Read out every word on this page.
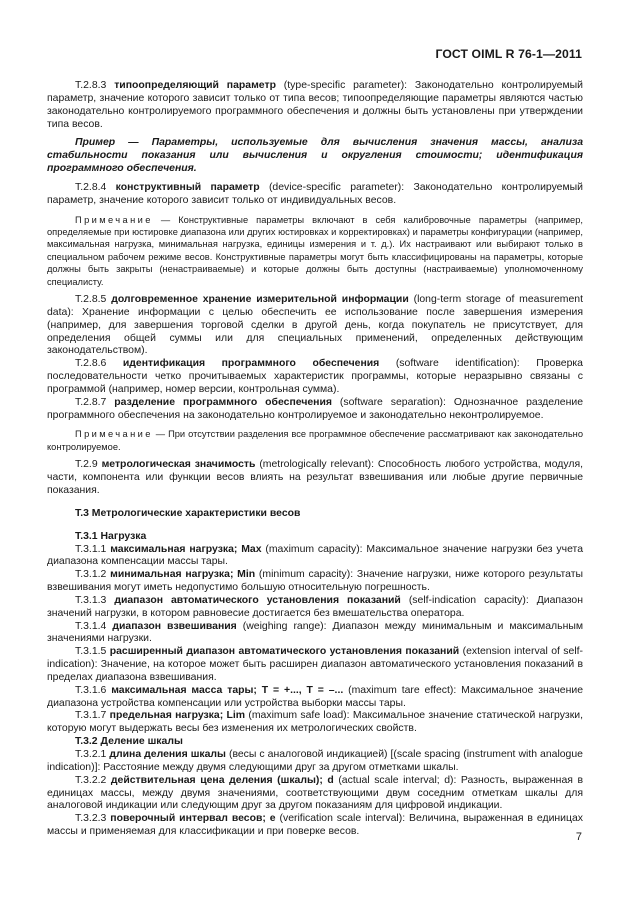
ГОСТ OIML R 76-1—2011

Т.2.8.3 типоопределяющий параметр (type-specific parameter): Законодательно контролируемый параметр, значение которого зависит только от типа весов; типоопределяющие параметры являются частью законодательно контролируемого программного обеспечения и должны быть установлены при утверждении типа весов.

Пример — Параметры, используемые для вычисления значения массы, анализа стабильности показания или вычисления и округления стоимости; идентификация программного обеспечения.

Т.2.8.4 конструктивный параметр (device-specific parameter): Законодательно контролируемый параметр, значение которого зависит только от индивидуальных весов.

Примечание — Конструктивные параметры включают в себя калибровочные параметры (например, определяемые при юстировке диапазона или других юстировках и корректировках) и параметры конфигурации (например, максимальная нагрузка, минимальная нагрузка, единицы измерения и т. д.). Их настраивают или выбирают только в специальном рабочем режиме весов. Конструктивные параметры могут быть классифицированы на параметры, которые должны быть закрыты (ненастраиваемые) и которые должны быть доступны (настраиваемые) уполномоченному специалисту.

Т.2.8.5 долговременное хранение измерительной информации (long-term storage of measurement data): Хранение информации с целью обеспечить ее использование после завершения измерения (например, для завершения торговой сделки в другой день, когда покупатель не присутствует, для определения общей суммы или для специальных применений, определенных действующим законодательством).

Т.2.8.6 идентификация программного обеспечения (software identification): Проверка последовательности четко прочитываемых характеристик программы, которые неразрывно связаны с программой (например, номер версии, контрольная сумма).

Т.2.8.7 разделение программного обеспечения (software separation): Однозначное разделение программного обеспечения на законодательно контролируемое и законодательно неконтролируемое.

Примечание — При отсутствии разделения все программное обеспечение рассматривают как законодательно контролируемое.

Т.2.9 метрологическая значимость (metrologically relevant): Способность любого устройства, модуля, части, компонента или функции весов влиять на результат взвешивания или любые другие первичные показания.

Т.3 Метрологические характеристики весов

Т.3.1 Нагрузка

Т.3.1.1 максимальная нагрузка; Max (maximum capacity): Максимальное значение нагрузки без учета диапазона компенсации массы тары.

Т.3.1.2 минимальная нагрузка; Min (minimum capacity): Значение нагрузки, ниже которого результаты взвешивания могут иметь недопустимо большую относительную погрешность.

Т.3.1.3 диапазон автоматического установления показаний (self-indication capacity): Диапазон значений нагрузки, в котором равновесие достигается без вмешательства оператора.

Т.3.1.4 диапазон взвешивания (weighing range): Диапазон между минимальным и максимальным значениями нагрузки.

Т.3.1.5 расширенный диапазон автоматического установления показаний (extension interval of self-indication): Значение, на которое может быть расширен диапазон автоматического установления показаний в пределах диапазона взвешивания.

Т.3.1.6 максимальная масса тары; Т = +..., Т = –... (maximum tare effect): Максимальное значение диапазона устройства компенсации или устройства выборки массы тары.

Т.3.1.7 предельная нагрузка; Lim (maximum safe load): Максимальное значение статической нагрузки, которую могут выдержать весы без изменения их метрологических свойств.

Т.3.2 Деление шкалы

Т.3.2.1 длина деления шкалы (весы с аналоговой индикацией) [(scale spacing (instrument with analogue indication)]: Расстояние между двумя следующими друг за другом отметками шкалы.

Т.3.2.2 действительная цена деления (шкалы); d (actual scale interval; d): Разность, выраженная в единицах массы, между двумя значениями, соответствующими двум соседним отметкам шкалы для аналоговой индикации или следующим друг за другом показаниям для цифровой индикации.

Т.3.2.3 поверочный интервал весов; е (verification scale interval): Величина, выраженная в единицах массы и применяемая для классификации и при поверке весов.	7
